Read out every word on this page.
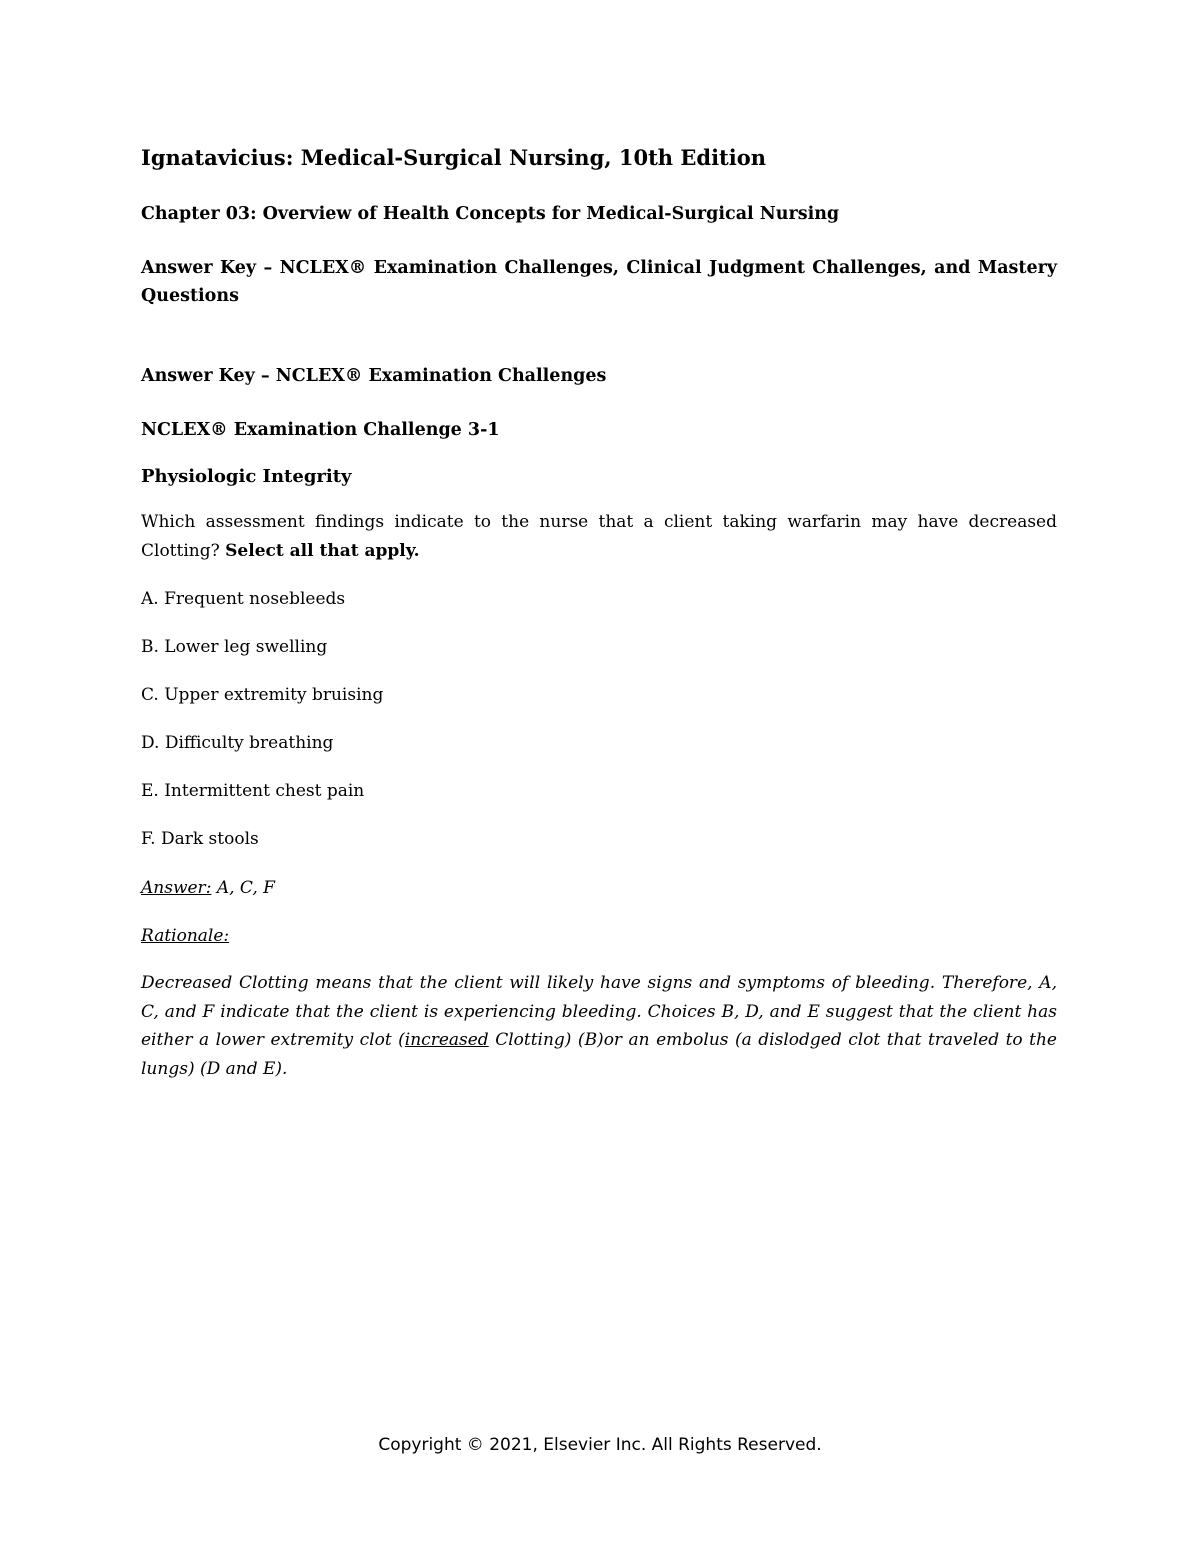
Ignatavicius: Medical-Surgical Nursing, 10th Edition
Chapter 03: Overview of Health Concepts for Medical-Surgical Nursing
Answer Key – NCLEX® Examination Challenges, Clinical Judgment Challenges, and Mastery Questions
Answer Key – NCLEX® Examination Challenges
NCLEX® Examination Challenge 3-1
Physiologic Integrity

Which assessment findings indicate to the nurse that a client taking warfarin may have decreased Clotting? Select all that apply.

A. Frequent nosebleeds
B. Lower leg swelling
C. Upper extremity bruising
D. Difficulty breathing
E. Intermittent chest pain
F. Dark stools

Answer: A, C, F

Rationale:

Decreased Clotting means that the client will likely have signs and symptoms of bleeding. Therefore, A, C, and F indicate that the client is experiencing bleeding. Choices B, D, and E suggest that the client has either a lower extremity clot (increased Clotting) (B)or an embolus (a dislodged clot that traveled to the lungs) (D and E).

Copyright © 2021, Elsevier Inc. All Rights Reserved.
